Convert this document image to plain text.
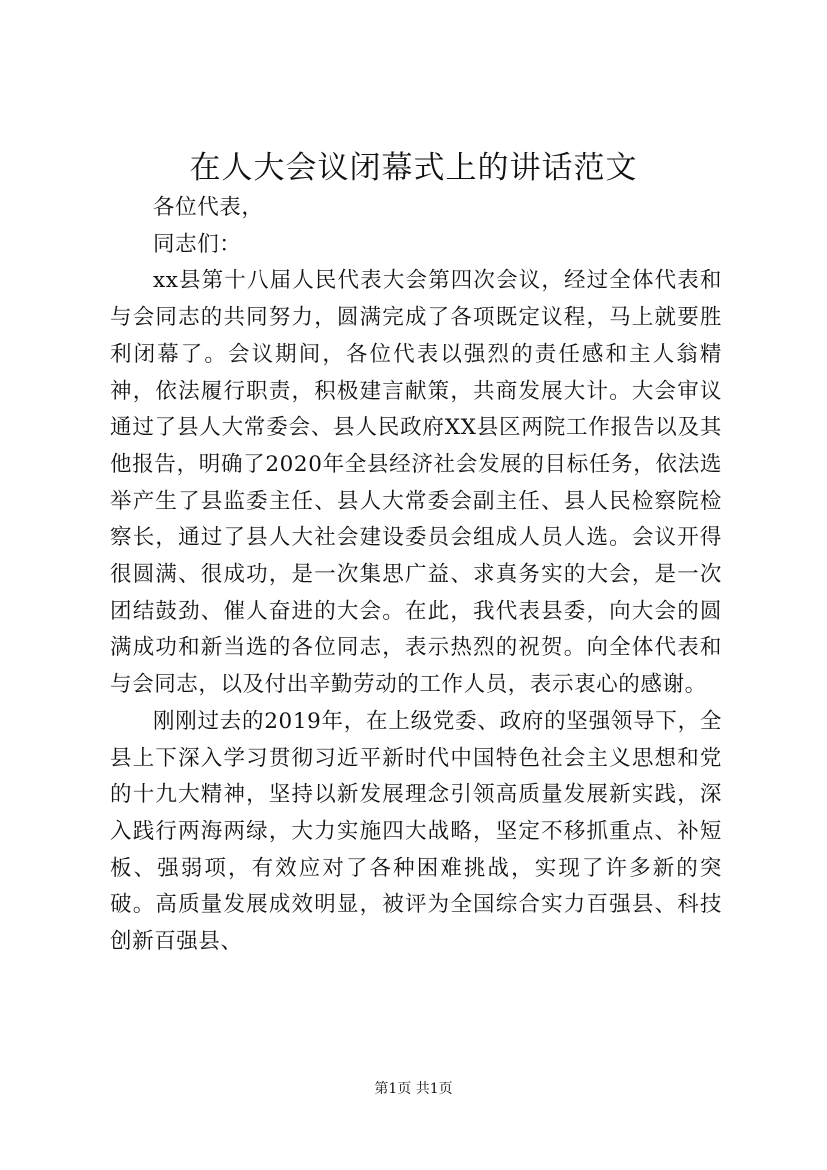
在人大会议闭幕式上的讲话范文

各位代表，

同志们：

xx县第十八届人民代表大会第四次会议，经过全体代表和与会同志的共同努力，圆满完成了各项既定议程，马上就要胜利闭幕了。会议期间，各位代表以强烈的责任感和主人翁精神，依法履行职责，积极建言献策，共商发展大计。大会审议通过了县人大常委会、县人民政府XX县区两院工作报告以及其他报告，明确了2020年全县经济社会发展的目标任务，依法选举产生了县监委主任、县人大常委会副主任、县人民检察院检察长，通过了县人大社会建设委员会组成人员人选。会议开得很圆满、很成功，是一次集思广益、求真务实的大会，是一次团结鼓劲、催人奋进的大会。在此，我代表县委，向大会的圆满成功和新当选的各位同志，表示热烈的祝贺。向全体代表和与会同志，以及付出辛勤劳动的工作人员，表示衷心的感谢。

刚刚过去的2019年，在上级党委、政府的坚强领导下，全县上下深入学习贯彻习近平新时代中国特色社会主义思想和党的十九大精神，坚持以新发展理念引领高质量发展新实践，深入践行两海两绿，大力实施四大战略，坚定不移抓重点、补短板、强弱项，有效应对了各种困难挑战，实现了许多新的突破。高质量发展成效明显，被评为全国综合实力百强县、科技创新百强县、

第1页 共1页
